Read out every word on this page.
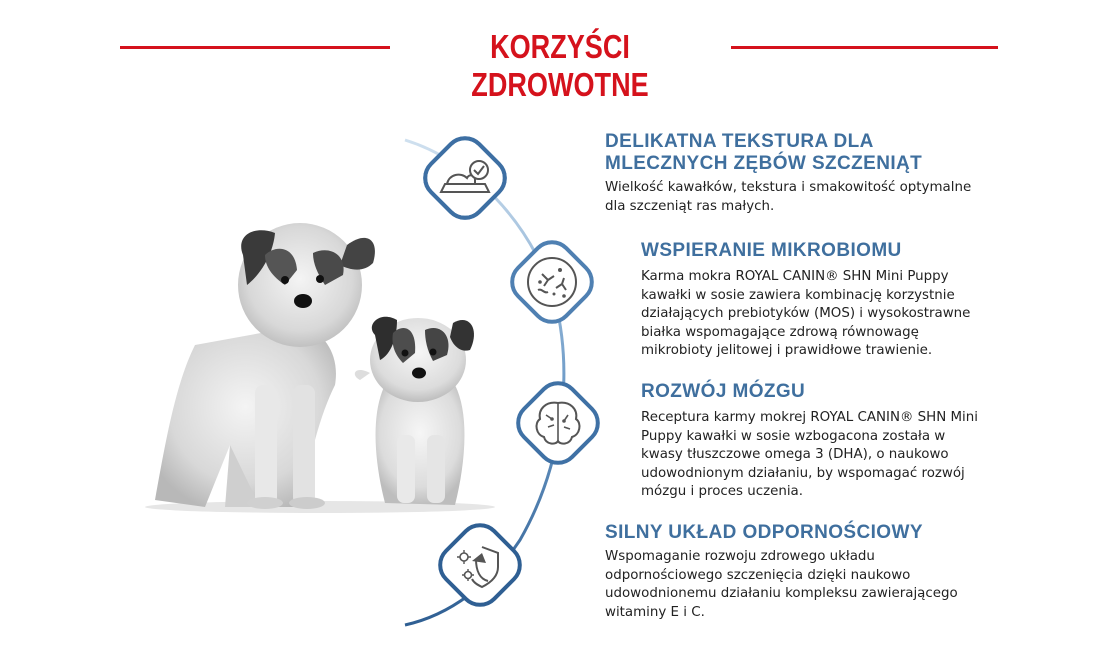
KORZYŚCI ZDROWOTNE
DELIKATNA TEKSTURA DLA
MLECZNYCH ZĘBÓW SZCZENIĄT
Wielkość kawałków, tekstura i smakowitość optymalne
dla szczeniąt ras małych.
WSPIERANIE MIKROBIOMU
Karma mokra ROYAL CANIN® SHN Mini Puppy
kawałki w sosie zawiera kombinację korzystnie
działających prebiotyków (MOS) i wysokostrawne
białka wspomagające zdrową równowagę
mikrobioty jelitowej i prawidłowe trawienie.
ROZWÓJ MÓZGU
Receptura karmy mokrej ROYAL CANIN® SHN Mini
Puppy kawałki w sosie wzbogacona została w
kwasy tłuszczowe omega 3 (DHA), o naukowo
udowodnionym działaniu, by wspomagać rozwój
mózgu i proces uczenia.
SILNY UKŁAD ODPORNOŚCIOWY
Wspomaganie rozwoju zdrowego układu
odpornościowego szczenięcia dzięki naukowo
udowodnionemu działaniu kompleksu zawierającego
witaminy E i C.
